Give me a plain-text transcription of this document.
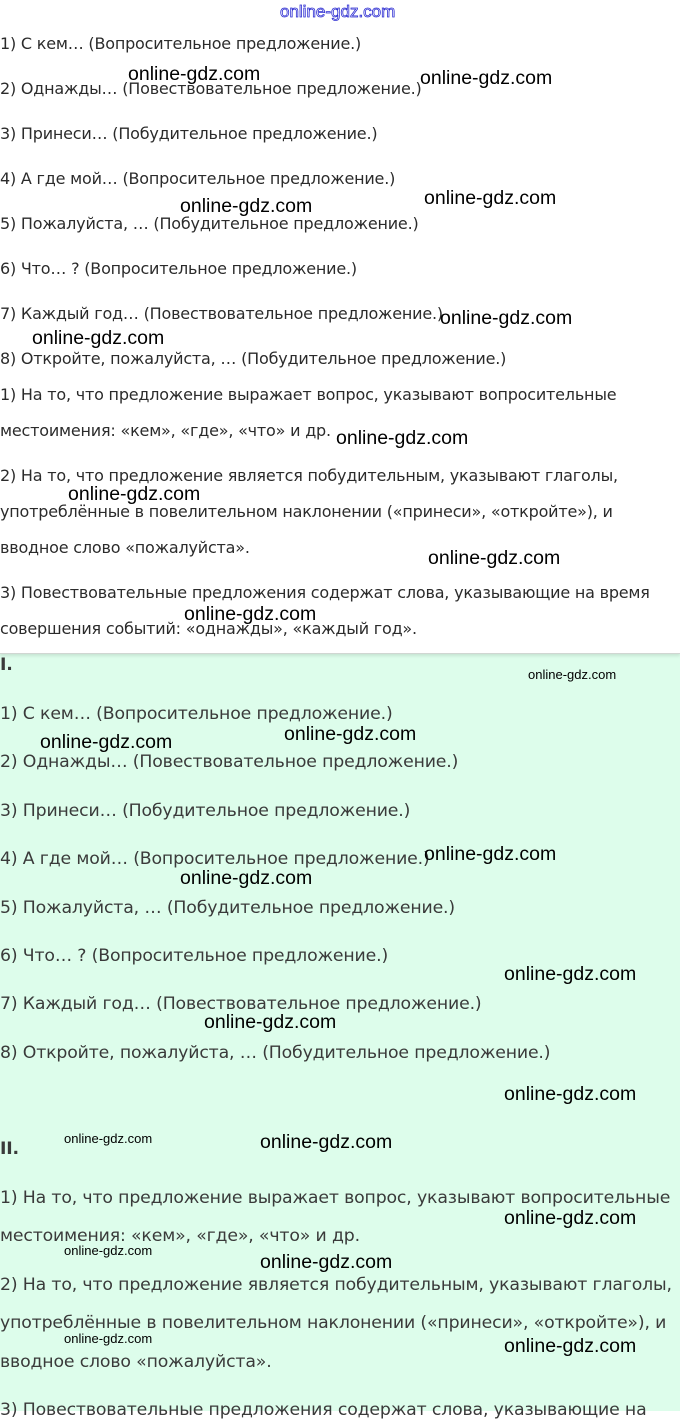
1) С кем… (Вопросительное предложение.)
2) Однажды… (Повествовательное предложение.)
3) Принеси… (Побудительное предложение.)
4) А где мой… (Вопросительное предложение.)
5) Пожалуйста, … (Побудительное предложение.)
6) Что… ? (Вопросительное предложение.)
7) Каждый год… (Повествовательное предложение.)
8) Откройте, пожалуйста, … (Побудительное предложение.)
1) На то, что предложение выражает вопрос, указывают вопросительные
местоимения: «кем», «где», «что» и др.
2) На то, что предложение является побудительным, указывают глаголы,
употреблённые в повелительном наклонении («принеси», «откройте»), и
вводное слово «пожалуйста».
3) Повествовательные предложения содержат слова, указывающие на время
совершения событий: «однажды», «каждый год».
I.
1) С кем… (Вопросительное предложение.)
2) Однажды… (Повествовательное предложение.)
3) Принеси… (Побудительное предложение.)
4) А где мой… (Вопросительное предложение.)
5) Пожалуйста, … (Побудительное предложение.)
6) Что… ? (Вопросительное предложение.)
7) Каждый год… (Повествовательное предложение.)
8) Откройте, пожалуйста, … (Побудительное предложение.)
II.
1) На то, что предложение выражает вопрос, указывают вопросительные
местоимения: «кем», «где», «что» и др.
2) На то, что предложение является побудительным, указывают глаголы,
употреблённые в повелительном наклонении («принеси», «откройте»), и
вводное слово «пожалуйста».
3) Повествовательные предложения содержат слова, указывающие на
online-gdz.com	online-gdz.com
online-gdz.com
online-gdz.com
online-gdz.com
online-gdz.com
online-gdz.com
online-gdz.com
online-gdz.com
online-gdz.com
online-gdz.com
online-gdz.com
online-gdz.com
online-gdz.com
online-gdz.com
online-gdz.com
online-gdz.com
online-gdz.com
online-gdz.com	online-gdz.com
online-gdz.com
online-gdz.com
online-gdz.com
online-gdz.com	online-gdz.com
